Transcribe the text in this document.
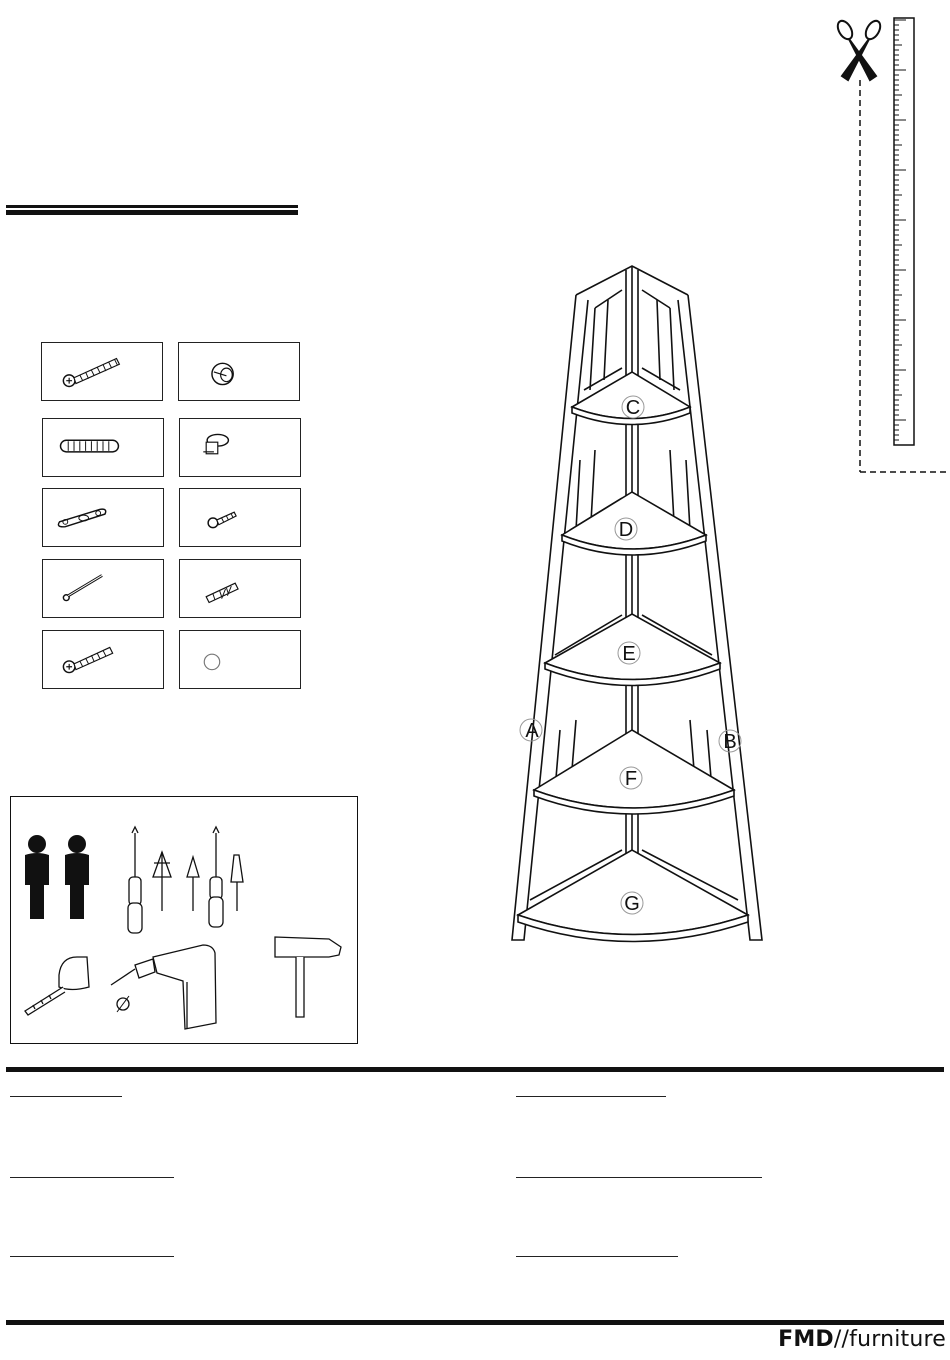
C
D
E
F
G
A	B
FMD//furniture
